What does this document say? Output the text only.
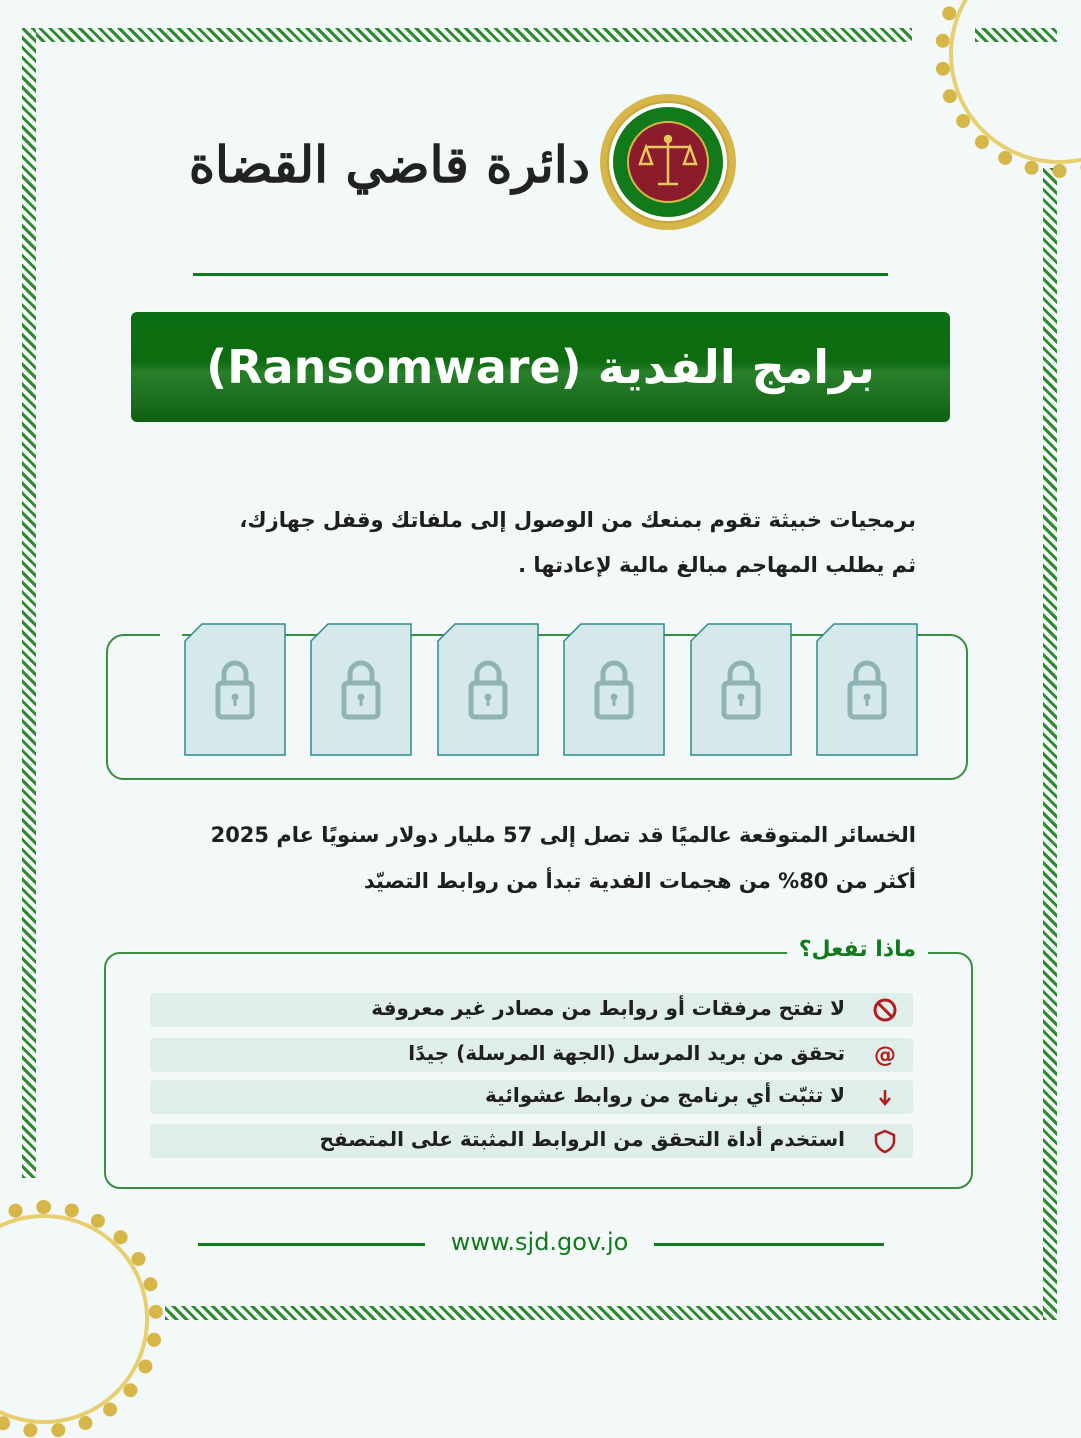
دائرة قاضي القضاة
برامج الفدية (Ransomware)
برمجيات خبيثة تقوم بمنعك من الوصول إلى ملفاتك وقفل جهازك،
ثم يطلب المهاجم مبالغ مالية لإعادتها .
الخسائر المتوقعة عالميًا قد تصل إلى 57 مليار دولار سنويًا عام 2025
أكثر من 80% من هجمات الفدية تبدأ من روابط التصيّد
ماذا تفعل؟
لا تفتح مرفقات أو روابط من مصادر غير معروفة
@
تحقق من بريد المرسل (الجهة المرسلة) جيدًا
لا تثبّت أي برنامج من روابط عشوائية
استخدم أداة التحقق من الروابط المثبتة على المتصفح
www.sjd.gov.jo
